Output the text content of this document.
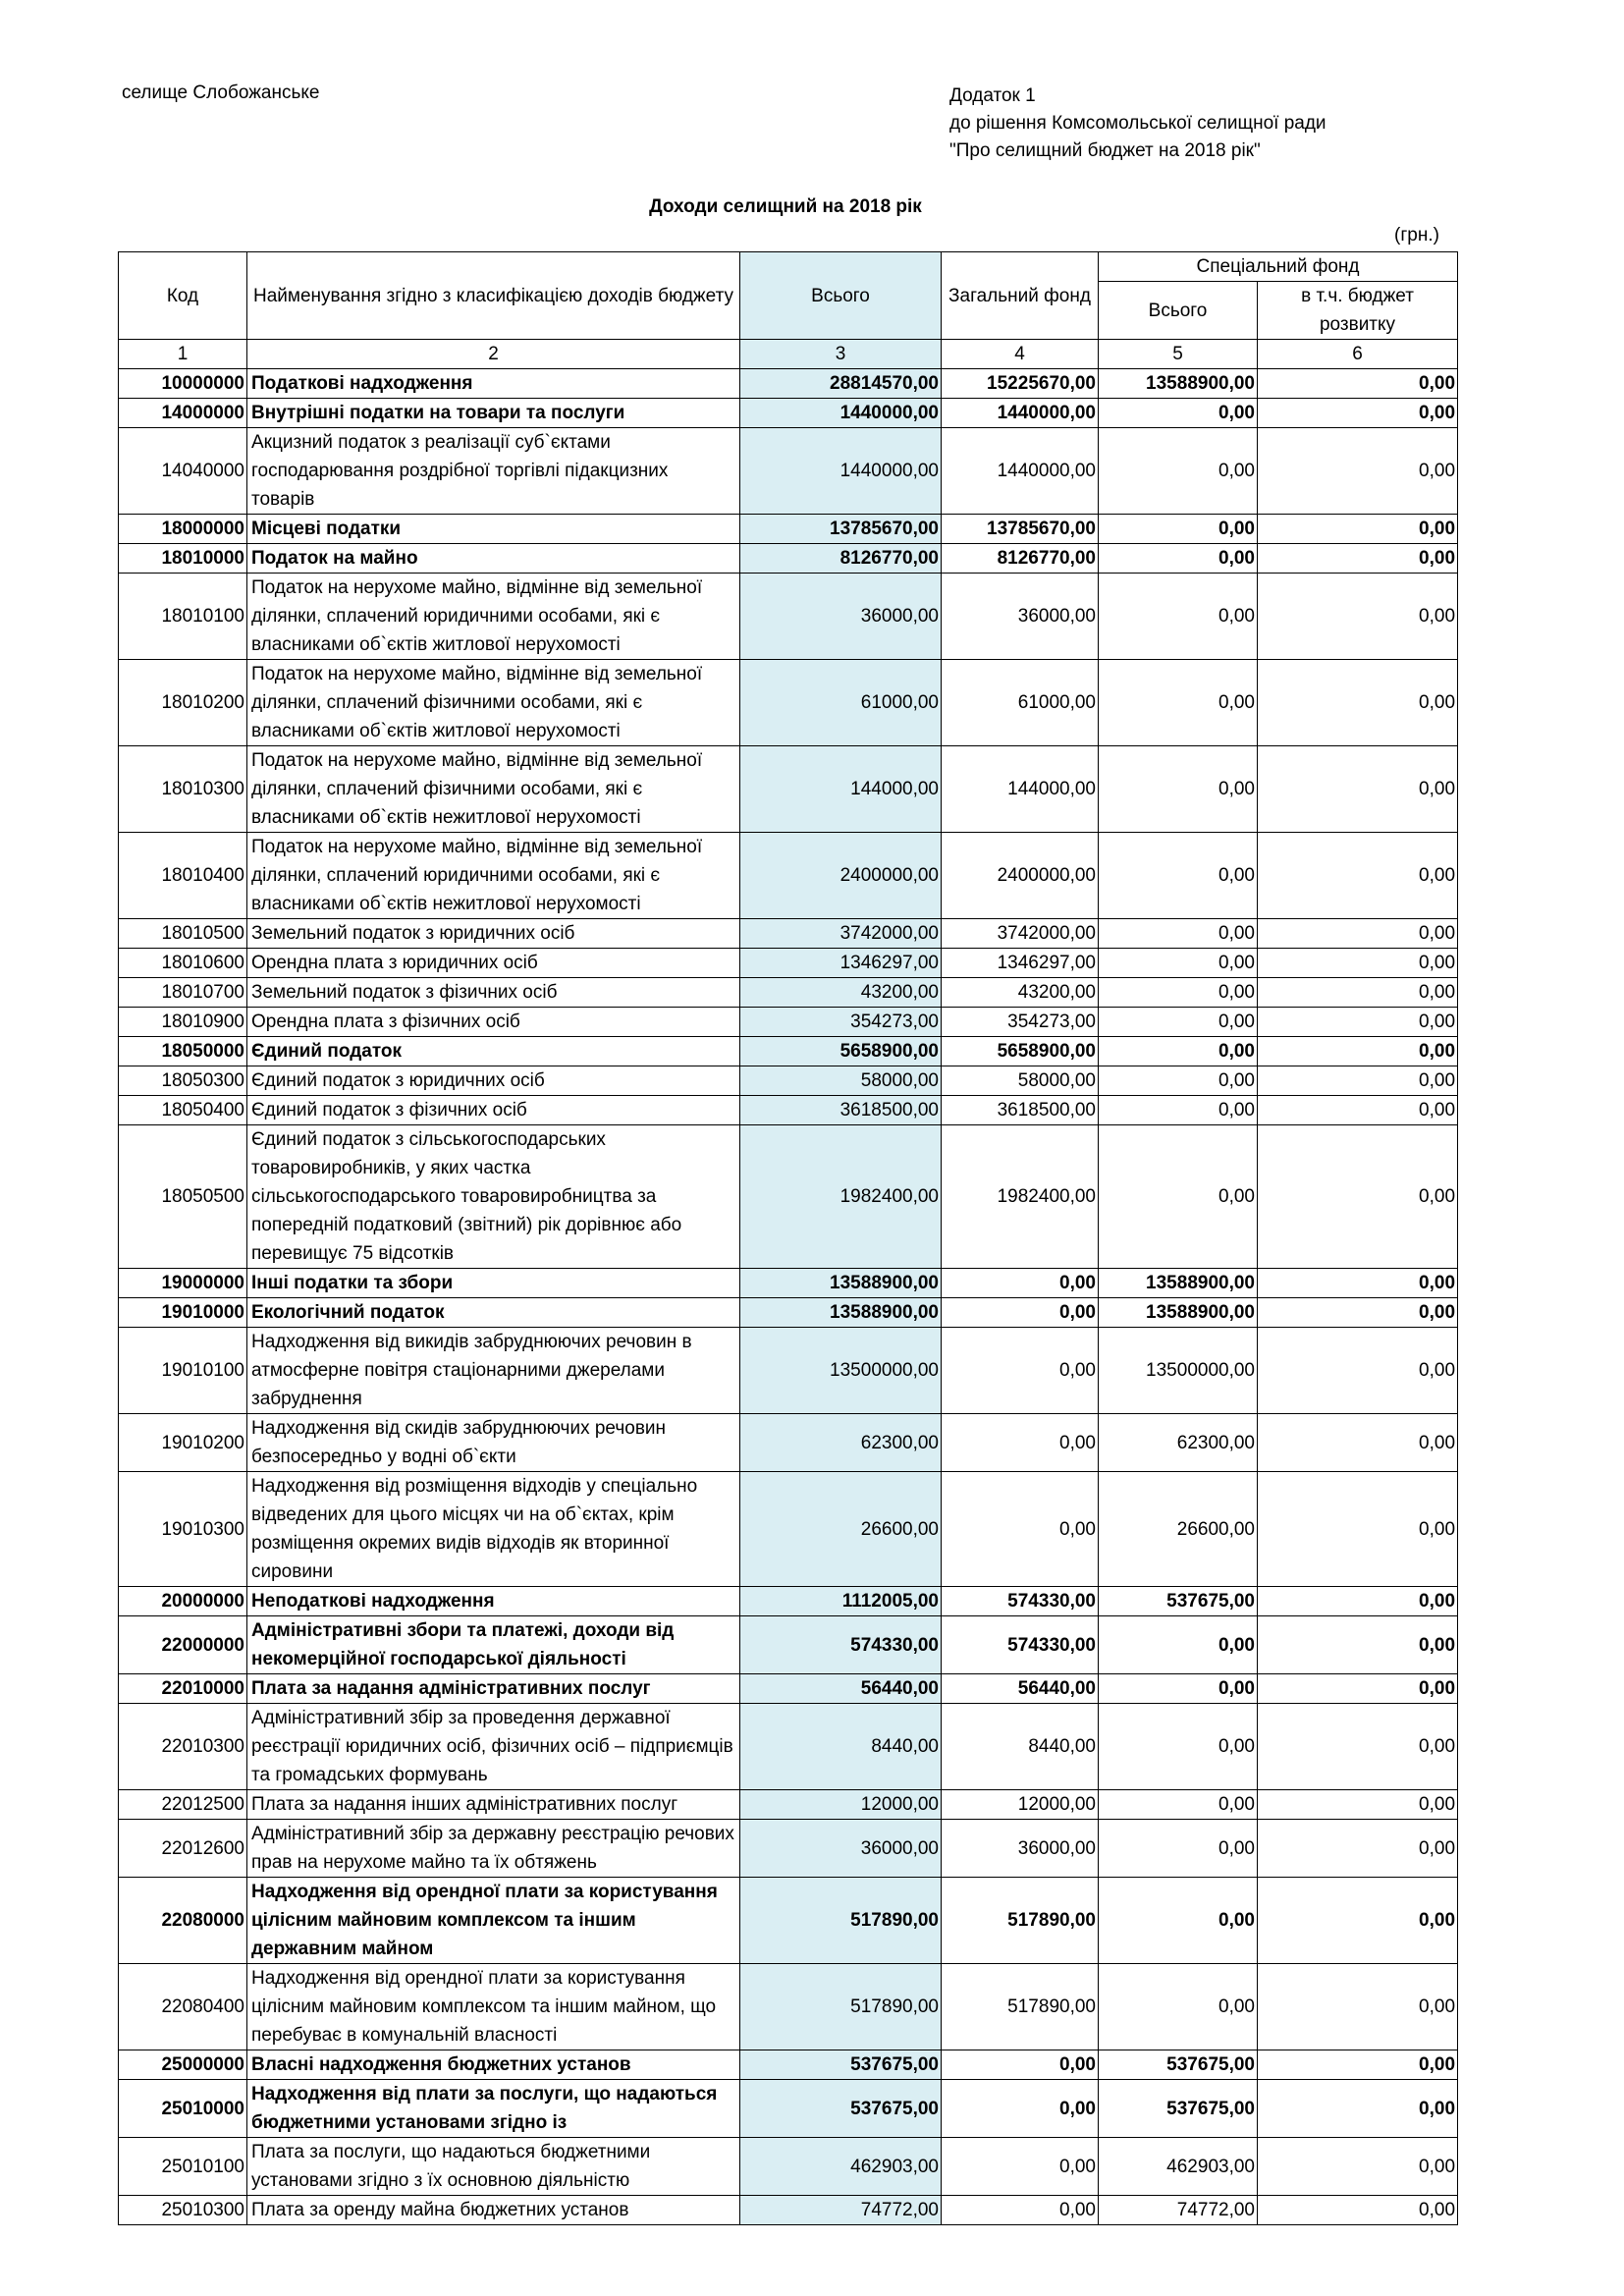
селище Слобожанське	Додаток 1
до рішення Комсомольської селищної ради
"Про селищний бюджет на 2018 рік"
Доходи селищний на 2018 рік
(грн.)
Код	Найменування згідно з класифікацією доходів бюджету	Всього	Загальний фонд	Спеціальний фонд	
				Всього	в т.ч. бюджет розвитку
1	2	3	4	5	6
10000000	Податкові надходження	28814570,00	15225670,00	13588900,00	0,00
14000000	Внутрішні податки на товари та послуги	1440000,00	1440000,00	0,00	0,00
14040000	Акцизний податок з реалізації суб`єктами господарювання роздрібної торгівлі підакцизних товарів	1440000,00	1440000,00	0,00	0,00
18000000	Місцеві податки	13785670,00	13785670,00	0,00	0,00
18010000	Податок на майно	8126770,00	8126770,00	0,00	0,00
18010100	Податок на нерухоме майно, відмінне від земельної ділянки, сплачений юридичними особами, які є власниками об`єктів житлової нерухомості	36000,00	36000,00	0,00	0,00
18010200	Податок на нерухоме майно, відмінне від земельної ділянки, сплачений фізичними особами, які є власниками об`єктів житлової нерухомості	61000,00	61000,00	0,00	0,00
18010300	Податок на нерухоме майно, відмінне від земельної ділянки, сплачений фізичними особами, які є власниками об`єктів нежитлової нерухомості	144000,00	144000,00	0,00	0,00
18010400	Податок на нерухоме майно, відмінне від земельної ділянки, сплачений юридичними особами, які є власниками об`єктів нежитлової нерухомості	2400000,00	2400000,00	0,00	0,00
18010500	Земельний податок з юридичних осіб	3742000,00	3742000,00	0,00	0,00
18010600	Орендна плата з юридичних осіб	1346297,00	1346297,00	0,00	0,00
18010700	Земельний податок з фізичних осіб	43200,00	43200,00	0,00	0,00
18010900	Орендна плата з фізичних осіб	354273,00	354273,00	0,00	0,00
18050000	Єдиний податок	5658900,00	5658900,00	0,00	0,00
18050300	Єдиний податок з юридичних осіб	58000,00	58000,00	0,00	0,00
18050400	Єдиний податок з фізичних осіб	3618500,00	3618500,00	0,00	0,00
18050500	Єдиний податок з сільськогосподарських товаровиробників, у яких частка сільськогосподарського товаровиробництва за попередній податковий (звітний) рік дорівнює або перевищує 75 відсотків	1982400,00	1982400,00	0,00	0,00
19000000	Інші податки та збори	13588900,00	0,00	13588900,00	0,00
19010000	Екологічний податок	13588900,00	0,00	13588900,00	0,00
19010100	Надходження від викидів забруднюючих речовин в атмосферне повітря стаціонарними джерелами забруднення	13500000,00	0,00	13500000,00	0,00
19010200	Надходження від скидів забруднюючих речовин безпосередньо у водні об`єкти	62300,00	0,00	62300,00	0,00
19010300	Надходження від розміщення відходів у спеціально відведених для цього місцях чи на об`єктах, крім розміщення окремих видів відходів як вторинної сировини	26600,00	0,00	26600,00	0,00
20000000	Неподаткові надходження	1112005,00	574330,00	537675,00	0,00
22000000	Адміністративні збори та платежі, доходи від некомерційної господарської діяльності	574330,00	574330,00	0,00	0,00
22010000	Плата за надання адміністративних послуг	56440,00	56440,00	0,00	0,00
22010300	Адміністративний збір за проведення державної реєстрації юридичних осіб, фізичних осіб – підприємців та громадських формувань	8440,00	8440,00	0,00	0,00
22012500	Плата за надання інших адміністративних послуг	12000,00	12000,00	0,00	0,00
22012600	Адміністративний збір за державну реєстрацію речових прав на нерухоме майно та їх обтяжень	36000,00	36000,00	0,00	0,00
22080000	Надходження від орендної плати за користування цілісним майновим комплексом та іншим державним майном	517890,00	517890,00	0,00	0,00
22080400	Надходження від орендної плати за користування цілісним майновим комплексом та іншим майном, що перебуває в комунальній власності	517890,00	517890,00	0,00	0,00
25000000	Власні надходження бюджетних установ	537675,00	0,00	537675,00	0,00
25010000	Надходження від плати за послуги, що надаються бюджетними установами згідно із	537675,00	0,00	537675,00	0,00
25010100	Плата за послуги, що надаються бюджетними установами згідно з їх основною діяльністю	462903,00	0,00	462903,00	0,00
25010300	Плата за оренду майна бюджетних установ	74772,00	0,00	74772,00	0,00
